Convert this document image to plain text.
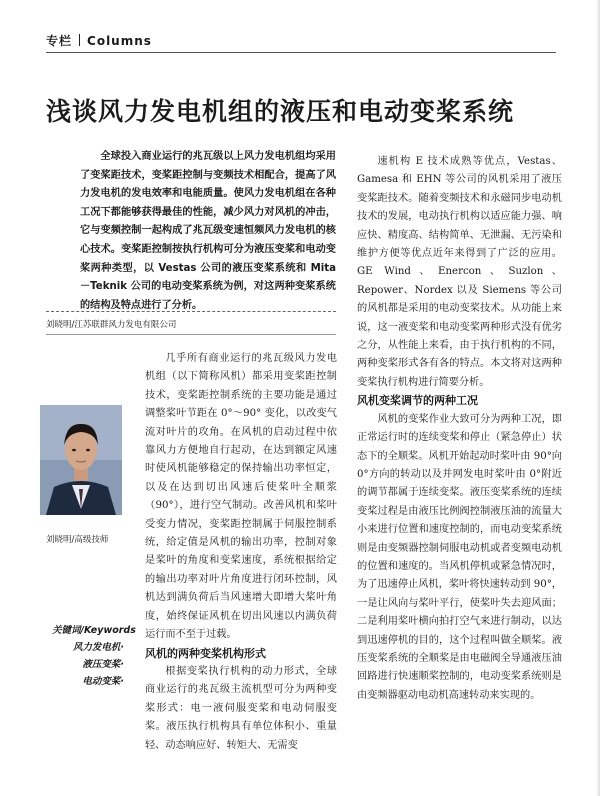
专栏 Columns
浅谈风力发电机组的液压和电动变桨系统

全球投入商业运行的兆瓦级以上风力发电机组均采用了变桨距技术，变桨距控制与变频技术相配合，提高了风力发电机的发电效率和电能质量。使风力发电机组在各种工况下都能够获得最佳的性能，减少风力对风机的冲击，它与变频控制一起构成了兆瓦级变速恒频风力发电机的核心技术。变桨距控制按执行机构可分为液压变桨和电动变桨两种类型，以 Vestas 公司的液压变桨系统和 Mita－Teknik 公司的电动变桨系统为例，对这两种变桨系统的结构及特点进行了分析。

刘晓明/江苏联群风力发电有限公司
刘晓明/高级技师
关键词/Keywords
风力发电机·
液压变桨·
电动变桨·

几乎所有商业运行的兆瓦级风力发电机组（以下简称风机）都采用变桨距控制技术，变桨距控制系统的主要功能是通过调整桨叶节距在 0°～90° 变化，以改变气流对叶片的攻角。在风机的启动过程中依靠风力方便地自行起动，在达到额定风速时使风机能够稳定的保持输出功率恒定，以及在达到切出风速后使桨叶全顺浆（90°），进行空气制动。改善风机和桨叶受变力情况，变桨距控制属于伺服控制系统，给定值是风机的输出功率，控制对象是桨叶的角度和变桨速度，系统根据给定的输出功率对叶片角度进行闭环控制，风机达到满负荷后当风速增大即增大桨叶角度，始终保证风机在切出风速以内满负荷运行而不至于过载。

风机的两种变桨机构形式

根据变桨执行机构的动力形式，全球商业运行的兆瓦级主流机型可分为两种变桨形式：电一液伺服变桨和电动伺服变桨。液压执行机构具有单位体积小、重量轻、动态响应好、转矩大、无需变

速机构 E 技术成熟等优点，Vestas、Gamesa 和 EHN 等公司的风机采用了液压变桨距技术。随着变频技术和永磁同步电动机技术的发展，电动执行机构以适应能力强、响应快、精度高、结构简单、无泄漏、无污染和维护方便等优点近年来得到了广泛的应用。GE Wind、Enercon、Suzlon、Repower、Nordex 以及 Siemens 等公司的风机都是采用的电动变桨技术。从功能上来说，这一液变桨和电动变桨两种形式没有优劣之分，从性能上来看，由于执行机构的不同，两种变桨形式各有各的特点。本文将对这两种变桨执行机构进行简要分析。

风机变桨调节的两种工况

风机的变桨作业大致可分为两种工况，即正常运行时的连续变桨和停止（紧急停止）状态下的全顺桨。风机开始起动时桨叶由 90°向 0°方向的转动以及并网发电时桨叶由 0°附近的调节都属于连续变桨。液压变桨系统的连续变桨过程是由液压比例阀控制液压油的流量大小来进行位置和速度控制的，而电动变桨系统则是由变频器控制伺服电动机或者变频电动机的位置和速度的。当风机停机或紧急情况时，为了迅速停止风机，桨叶将快速转动到 90°，一是让风向与桨叶平行，使桨叶失去迎风面；二是利用桨叶横向拍打空气来进行制动，以达到迅速停机的目的，这个过程叫做全顺桨。液压变桨系统的全顺桨是由电磁阀全导通液压油回路进行快速顺桨控制的，电动变桨系统则是由变频器驱动电动机高速转动来实现的。
